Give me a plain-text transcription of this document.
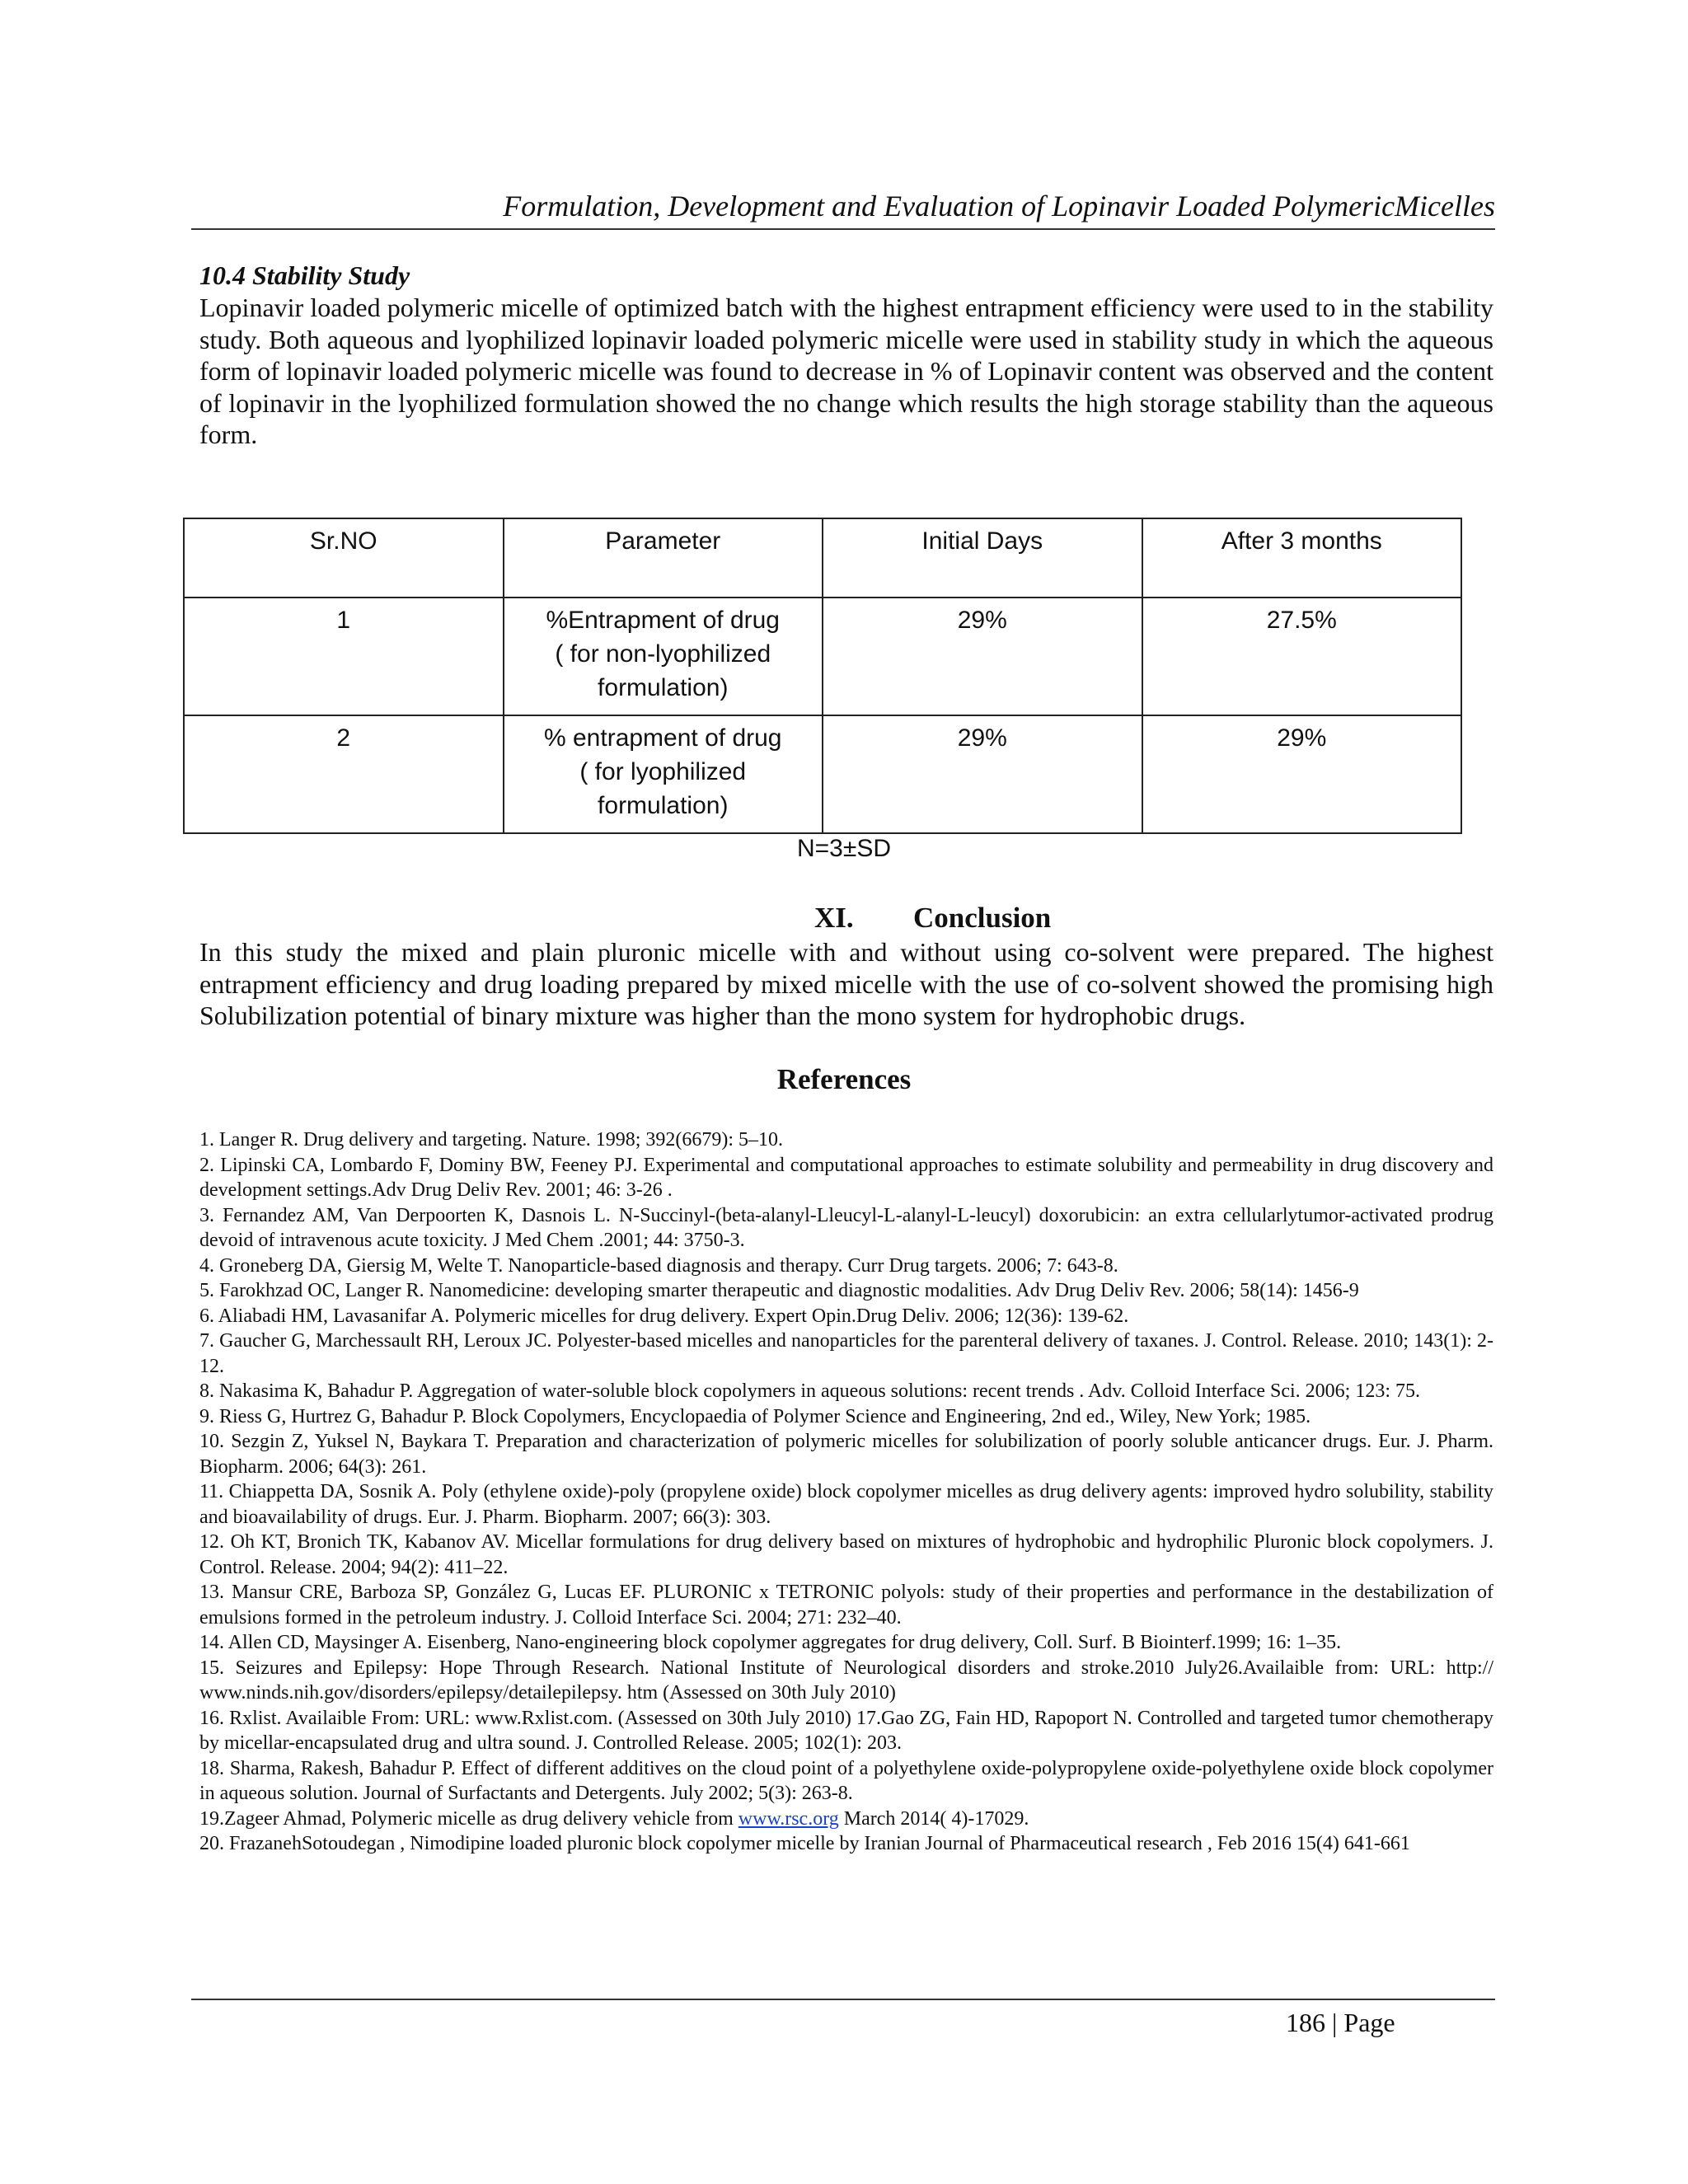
Formulation, Development and Evaluation of Lopinavir Loaded PolymericMicelles
10.4 Stability Study

Lopinavir loaded polymeric micelle of optimized batch with the highest entrapment efficiency were used to in the stability study. Both aqueous and lyophilized lopinavir loaded polymeric micelle were used in stability study in which the aqueous form of lopinavir loaded polymeric micelle was found to decrease in % of Lopinavir content was observed and the content of lopinavir in the lyophilized formulation showed the no change which results the high storage stability than the aqueous form.

Sr.NO	Parameter	Initial Days	After 3 months
1	%Entrapment of drug
( for non-lyophilized
formulation)	29%	27.5%
2	% entrapment of drug
( for lyophilized
formulation)	29%	29%
N=3±SD
XI. Conclusion

In this study the mixed and plain pluronic micelle with and without using co-solvent were prepared. The highest entrapment efficiency and drug loading prepared by mixed micelle with the use of co-solvent showed the promising high Solubilization potential of binary mixture was higher than the mono system for hydrophobic drugs.

References
1. Langer R. Drug delivery and targeting. Nature. 1998; 392(6679): 5–10.
2. Lipinski CA, Lombardo F, Dominy BW, Feeney PJ. Experimental and computational approaches to estimate solubility and permeability in drug discovery and development settings.Adv Drug Deliv Rev. 2001; 46: 3-26 .
3. Fernandez AM, Van Derpoorten K, Dasnois L. N-Succinyl-(beta-alanyl-Lleucyl-L-alanyl-L-leucyl) doxorubicin: an extra cellularlytumor-activated prodrug devoid of intravenous acute toxicity. J Med Chem .2001; 44: 3750-3.
4. Groneberg DA, Giersig M, Welte T. Nanoparticle-based diagnosis and therapy. Curr Drug targets. 2006; 7: 643-8.
5. Farokhzad OC, Langer R. Nanomedicine: developing smarter therapeutic and diagnostic modalities. Adv Drug Deliv Rev. 2006; 58(14): 1456-9
6. Aliabadi HM, Lavasanifar A. Polymeric micelles for drug delivery. Expert Opin.Drug Deliv. 2006; 12(36): 139-62.
7. Gaucher G, Marchessault RH, Leroux JC. Polyester-based micelles and nanoparticles for the parenteral delivery of taxanes. J. Control. Release. 2010; 143(1): 2-12.
8. Nakasima K, Bahadur P. Aggregation of water-soluble block copolymers in aqueous solutions: recent trends . Adv. Colloid Interface Sci. 2006; 123: 75.
9. Riess G, Hurtrez G, Bahadur P. Block Copolymers, Encyclopaedia of Polymer Science and Engineering, 2nd ed., Wiley, New York; 1985.
10. Sezgin Z, Yuksel N, Baykara T. Preparation and characterization of polymeric micelles for solubilization of poorly soluble anticancer drugs. Eur. J. Pharm. Biopharm. 2006; 64(3): 261.
11. Chiappetta DA, Sosnik A. Poly (ethylene oxide)-poly (propylene oxide) block copolymer micelles as drug delivery agents: improved hydro solubility, stability and bioavailability of drugs. Eur. J. Pharm. Biopharm. 2007; 66(3): 303.
12. Oh KT, Bronich TK, Kabanov AV. Micellar formulations for drug delivery based on mixtures of hydrophobic and hydrophilic Pluronic block copolymers. J. Control. Release. 2004; 94(2): 411–22.
13. Mansur CRE, Barboza SP, González G, Lucas EF. PLURONIC x TETRONIC polyols: study of their properties and performance in the destabilization of emulsions formed in the petroleum industry. J. Colloid Interface Sci. 2004; 271: 232–40.
14. Allen CD, Maysinger A. Eisenberg, Nano-engineering block copolymer aggregates for drug delivery, Coll. Surf. B Biointerf.1999; 16: 1–35.
15. Seizures and Epilepsy: Hope Through Research. National Institute of Neurological disorders and stroke.2010 July26.Availaible from: URL: http:// www.ninds.nih.gov/disorders/epilepsy/detailepilepsy. htm (Assessed on 30th July 2010)
16. Rxlist. Availaible From: URL: www.Rxlist.com. (Assessed on 30th July 2010) 17.Gao ZG, Fain HD, Rapoport N. Controlled and targeted tumor chemotherapy by micellar-encapsulated drug and ultra sound. J. Controlled Release. 2005; 102(1): 203.
18. Sharma, Rakesh, Bahadur P. Effect of different additives on the cloud point of a polyethylene oxide-polypropylene oxide-polyethylene oxide block copolymer in aqueous solution. Journal of Surfactants and Detergents. July 2002; 5(3): 263-8.
19.Zageer Ahmad, Polymeric micelle as drug delivery vehicle from www.rsc.org March 2014( 4)-17029.
20. FrazanehSotoudegan , Nimodipine loaded pluronic block copolymer micelle by Iranian Journal of Pharmaceutical research , Feb 2016 15(4) 641-661
186 | Page
